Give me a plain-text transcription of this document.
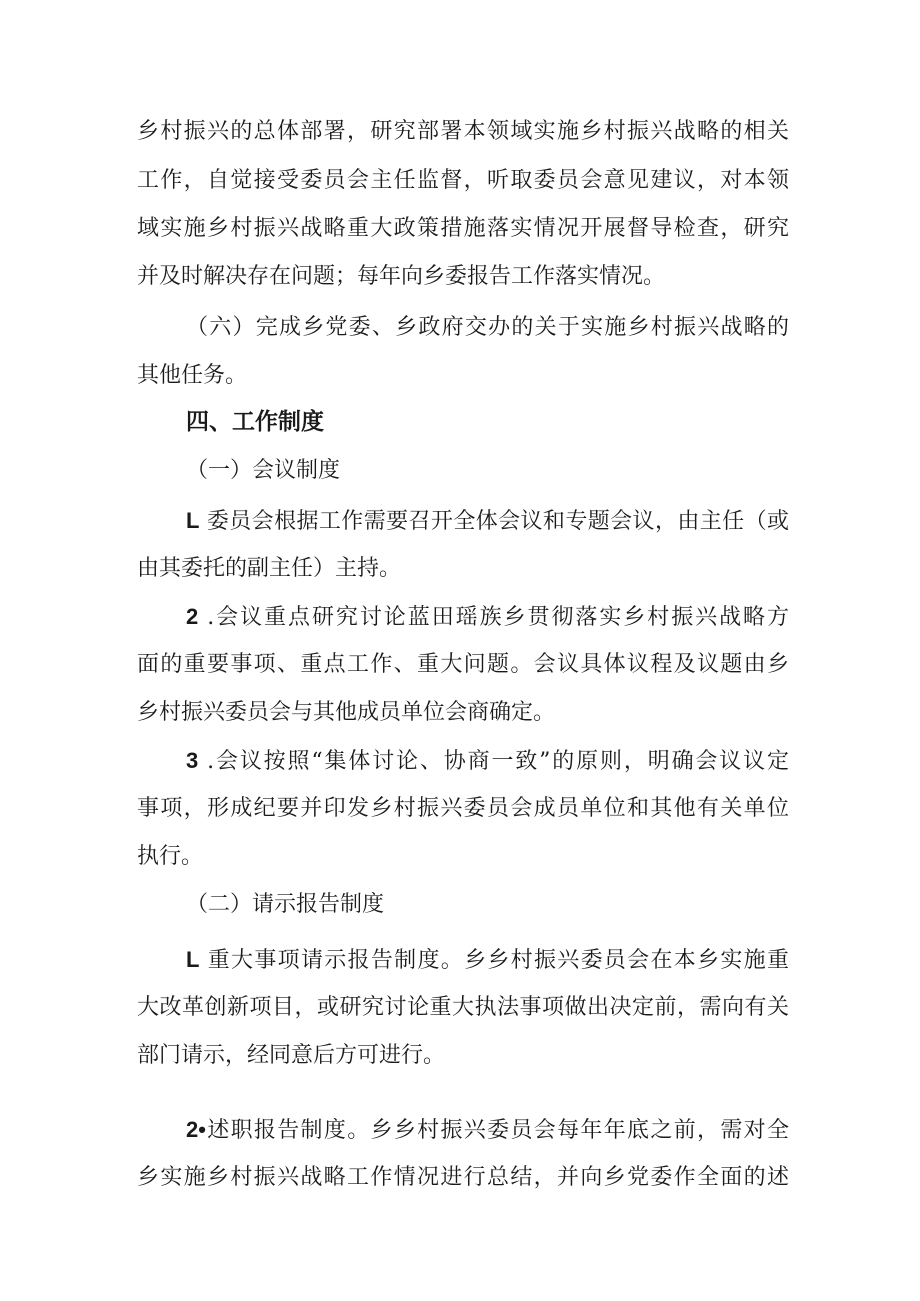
乡村振兴的总体部署，研究部署本领域实施乡村振兴战略的相关
工作，自觉接受委员会主任监督，听取委员会意见建议，对本领
域实施乡村振兴战略重大政策措施落实情况开展督导检查，研究
并及时解决存在问题；每年向乡委报告工作落实情况。
（六）完成乡党委、乡政府交办的关于实施乡村振兴战略的
其他任务。
四、工作制度
（一）会议制度
L 委员会根据工作需要召开全体会议和专题会议，由主任（或
由其委托的副主任）主持。
2 .会议重点研究讨论蓝田瑶族乡贯彻落实乡村振兴战略方
面的重要事项、重点工作、重大问题。会议具体议程及议题由乡
乡村振兴委员会与其他成员单位会商确定。
3 .会议按照“集体讨论、协商一致”的原则，明确会议议定
事项，形成纪要并印发乡村振兴委员会成员单位和其他有关单位
执行。
（二）请示报告制度
L 重大事项请示报告制度。乡乡村振兴委员会在本乡实施重
大改革创新项目，或研究讨论重大执法事项做出决定前，需向有关
部门请示，经同意后方可进行。
2•述职报告制度。乡乡村振兴委员会每年年底之前，需对全
乡实施乡村振兴战略工作情况进行总结，并向乡党委作全面的述
